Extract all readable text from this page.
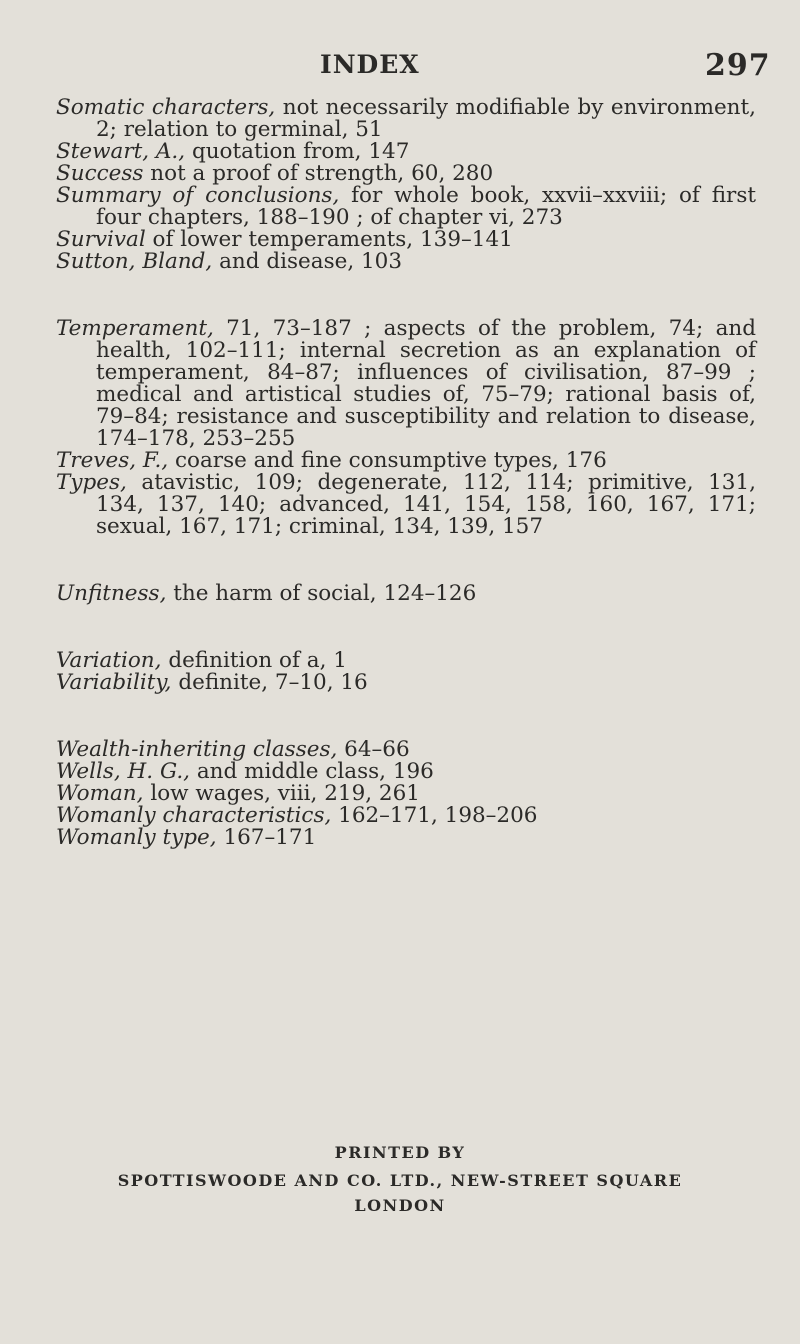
INDEX	297

Somatic characters, not necessarily modifiable by environment, 2; relation to germinal, 51

Stewart, A., quotation from, 147

Success not a proof of strength, 60, 280

Summary of conclusions, for whole book, xxvii–xxviii; of first four chapters, 188–190 ; of chapter vi, 273

Survival of lower temperaments, 139–141

Sutton, Bland, and disease, 103

Temperament, 71, 73–187 ; aspects of the problem, 74; and health, 102–111; internal secretion as an explanation of temperament, 84–87; influences of civilisation, 87–99 ; medical and artistical studies of, 75–79; rational basis of, 79–84; resistance and susceptibility and relation to disease, 174–178, 253–255

Treves, F., coarse and fine consumptive types, 176

Types, atavistic, 109; degenerate, 112, 114; primitive, 131, 134, 137, 140; advanced, 141, 154, 158, 160, 167, 171; sexual, 167, 171; criminal, 134, 139, 157

Unfitness, the harm of social, 124–126

Variation, definition of a, 1

Variability, definite, 7–10, 16

Wealth-inheriting classes, 64–66

Wells, H. G., and middle class, 196

Woman, low wages, viii, 219, 261

Womanly characteristics, 162–171, 198–206

Womanly type, 167–171

PRINTED BY
SPOTTISWOODE AND CO. LTD., NEW-STREET SQUARE
LONDON
